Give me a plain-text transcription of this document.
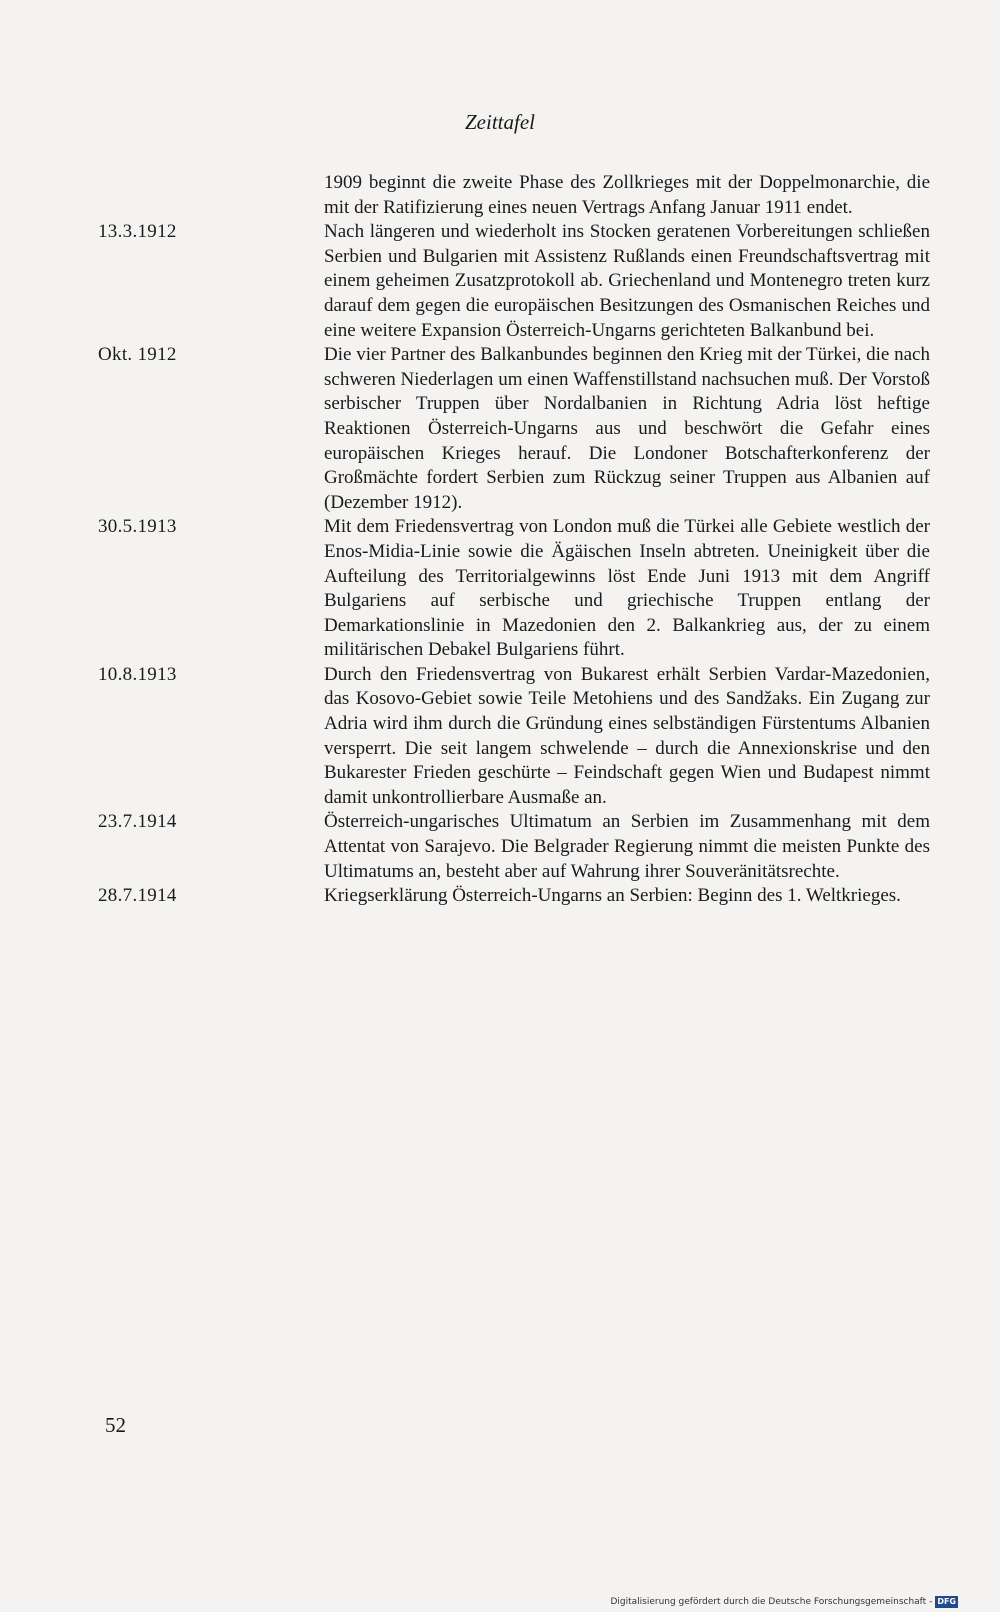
Zeittafel
1909 beginnt die zweite Phase des Zollkrieges mit der Doppelmonarchie, die mit der Ratifizierung eines neuen Vertrags Anfang Januar 1911 endet.
13.3.1912	Nach längeren und wiederholt ins Stocken geratenen Vorbereitungen schließen Serbien und Bulgarien mit Assistenz Rußlands einen Freundschaftsvertrag mit einem geheimen Zusatzprotokoll ab. Griechenland und Montenegro treten kurz darauf dem gegen die europäischen Besitzungen des Osmanischen Reiches und eine weitere Expansion Österreich-Ungarns gerichteten Balkanbund bei.
Okt. 1912	Die vier Partner des Balkanbundes beginnen den Krieg mit der Türkei, die nach schweren Niederlagen um einen Waffenstillstand nachsuchen muß. Der Vorstoß serbischer Truppen über Nordalbanien in Richtung Adria löst heftige Reaktionen Österreich-Ungarns aus und beschwört die Gefahr eines europäischen Krieges herauf. Die Londoner Botschafterkonferenz der Großmächte fordert Serbien zum Rückzug seiner Truppen aus Albanien auf (Dezember 1912).
30.5.1913	Mit dem Friedensvertrag von London muß die Türkei alle Gebiete westlich der Enos-Midia-Linie sowie die Ägäischen Inseln abtreten. Uneinigkeit über die Aufteilung des Territorialgewinns löst Ende Juni 1913 mit dem Angriff Bulgariens auf serbische und griechische Truppen entlang der Demarkationslinie in Mazedonien den 2. Balkankrieg aus, der zu einem militärischen Debakel Bulgariens führt.
10.8.1913	Durch den Friedensvertrag von Bukarest erhält Serbien Vardar-Mazedonien, das Kosovo-Gebiet sowie Teile Metohiens und des Sandžaks. Ein Zugang zur Adria wird ihm durch die Gründung eines selbständigen Fürstentums Albanien versperrt. Die seit langem schwelende – durch die Annexionskrise und den Bukarester Frieden geschürte – Feindschaft gegen Wien und Budapest nimmt damit unkontrollierbare Ausmaße an.
23.7.1914	Österreich-ungarisches Ultimatum an Serbien im Zusammenhang mit dem Attentat von Sarajevo. Die Belgrader Regierung nimmt die meisten Punkte des Ultimatums an, besteht aber auf Wahrung ihrer Souveränitätsrechte.
28.7.1914	Kriegserklärung Österreich-Ungarns an Serbien: Beginn des 1. Weltkrieges.
52
Digitalisierung gefördert durch die Deutsche Forschungsgemeinschaft - DFG
